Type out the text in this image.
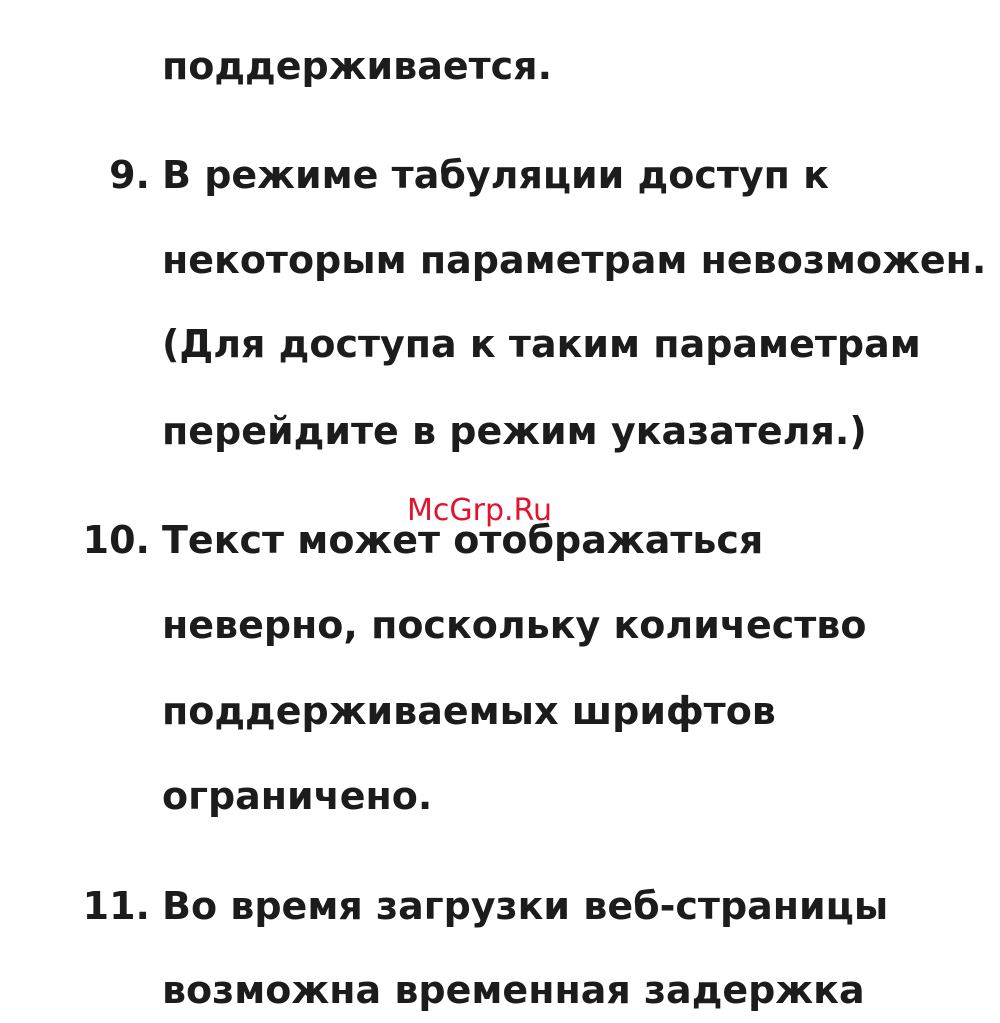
поддерживается.
9. В режиме табуляции доступ к
некоторым параметрам невозможен.
(Для доступа к таким параметрам
перейдите в режим указателя.)
10. Текст может отображаться
неверно, поскольку количество
поддерживаемых шрифтов
ограничено.
11. Во время загрузки веб-страницы
возможна временная задержка
McGrp.Ru
